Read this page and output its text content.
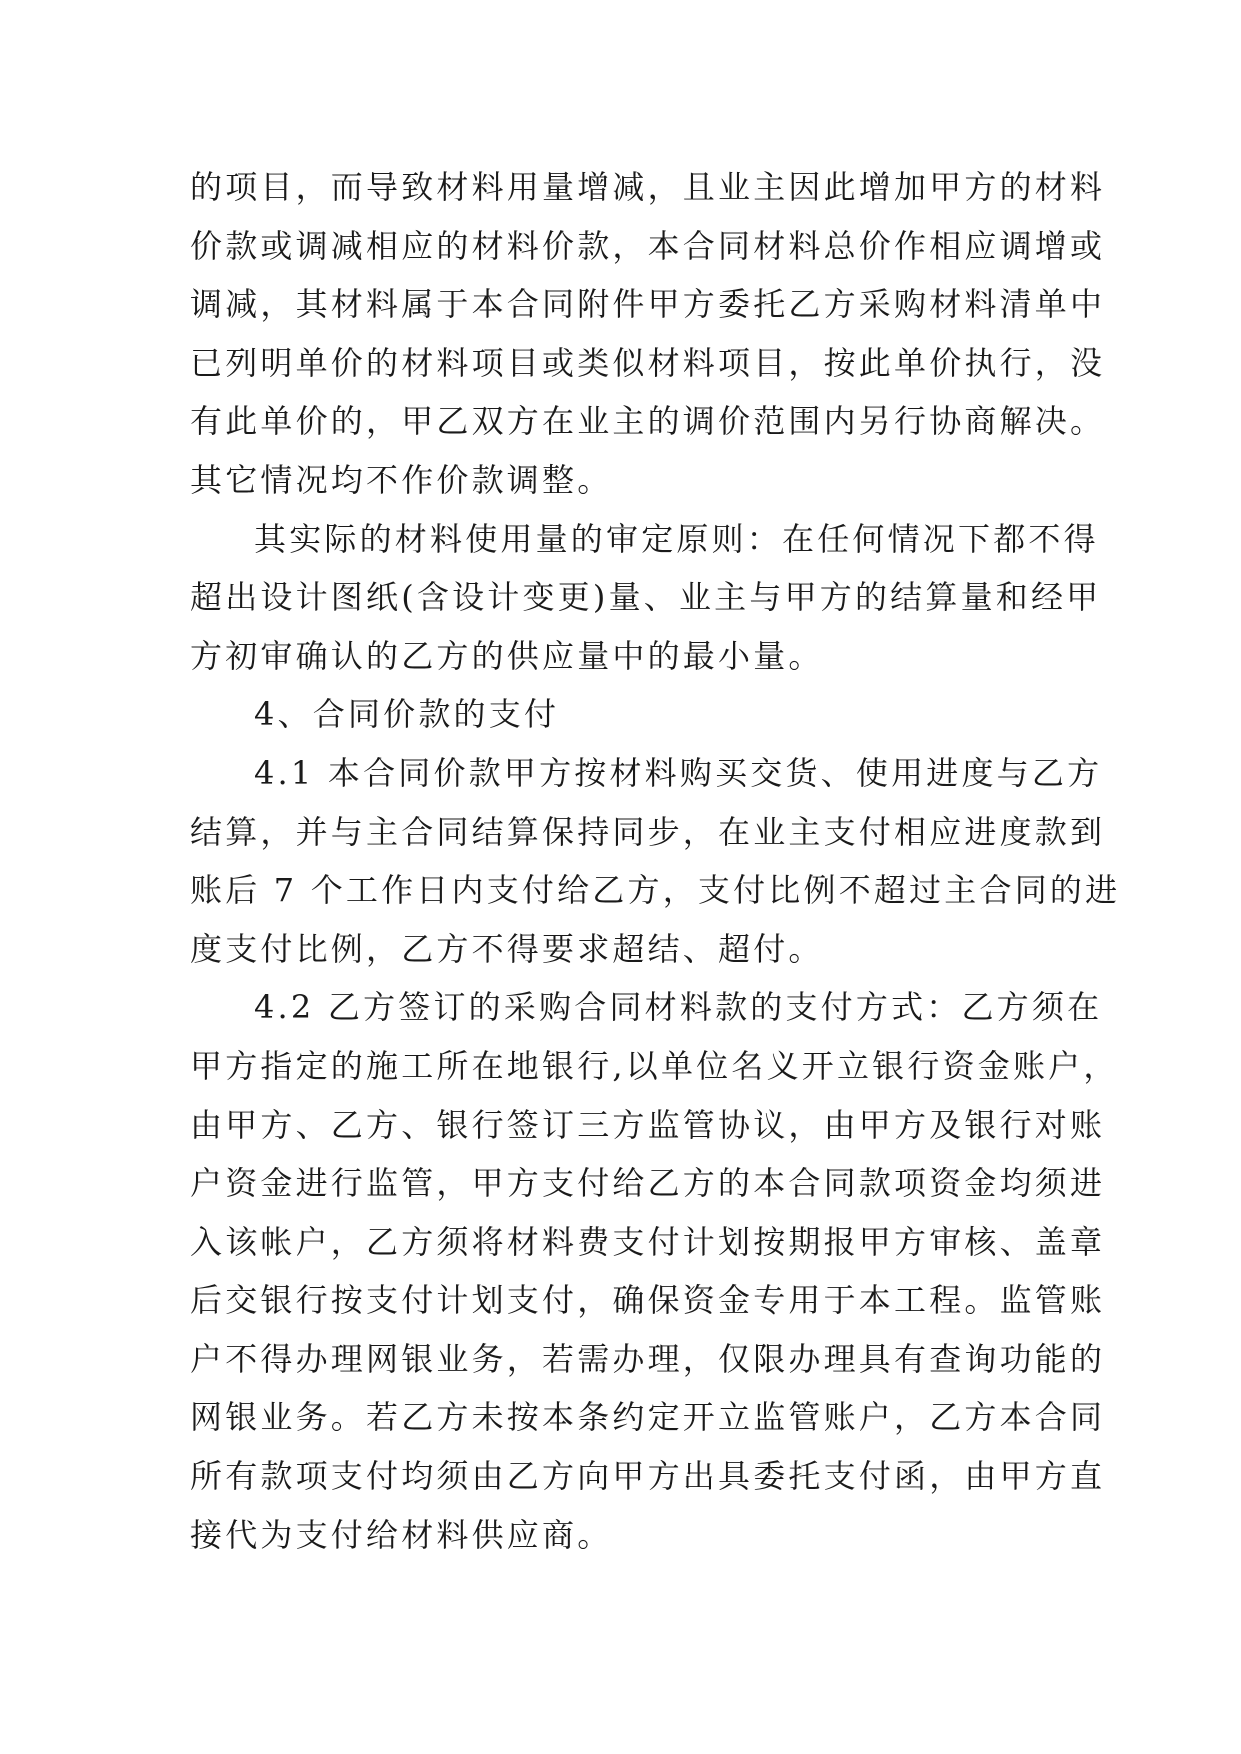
的项目，而导致材料用量增减，且业主因此增加甲方的材料
价款或调减相应的材料价款，本合同材料总价作相应调增或
调减，其材料属于本合同附件甲方委托乙方采购材料清单中
已列明单价的材料项目或类似材料项目，按此单价执行，没
有此单价的，甲乙双方在业主的调价范围内另行协商解决。
其它情况均不作价款调整。
其实际的材料使用量的审定原则：在任何情况下都不得
超出设计图纸(含设计变更)量、业主与甲方的结算量和经甲
方初审确认的乙方的供应量中的最小量。
4、合同价款的支付
4.1 本合同价款甲方按材料购买交货、使用进度与乙方
结算，并与主合同结算保持同步，在业主支付相应进度款到
账后 7 个工作日内支付给乙方，支付比例不超过主合同的进
度支付比例，乙方不得要求超结、超付。
4.2 乙方签订的采购合同材料款的支付方式：乙方须在
甲方指定的施工所在地银行,以单位名义开立银行资金账户，
由甲方、乙方、银行签订三方监管协议，由甲方及银行对账
户资金进行监管，甲方支付给乙方的本合同款项资金均须进
入该帐户，乙方须将材料费支付计划按期报甲方审核、盖章
后交银行按支付计划支付，确保资金专用于本工程。监管账
户不得办理网银业务，若需办理，仅限办理具有查询功能的
网银业务。若乙方未按本条约定开立监管账户，乙方本合同
所有款项支付均须由乙方向甲方出具委托支付函，由甲方直
接代为支付给材料供应商。
